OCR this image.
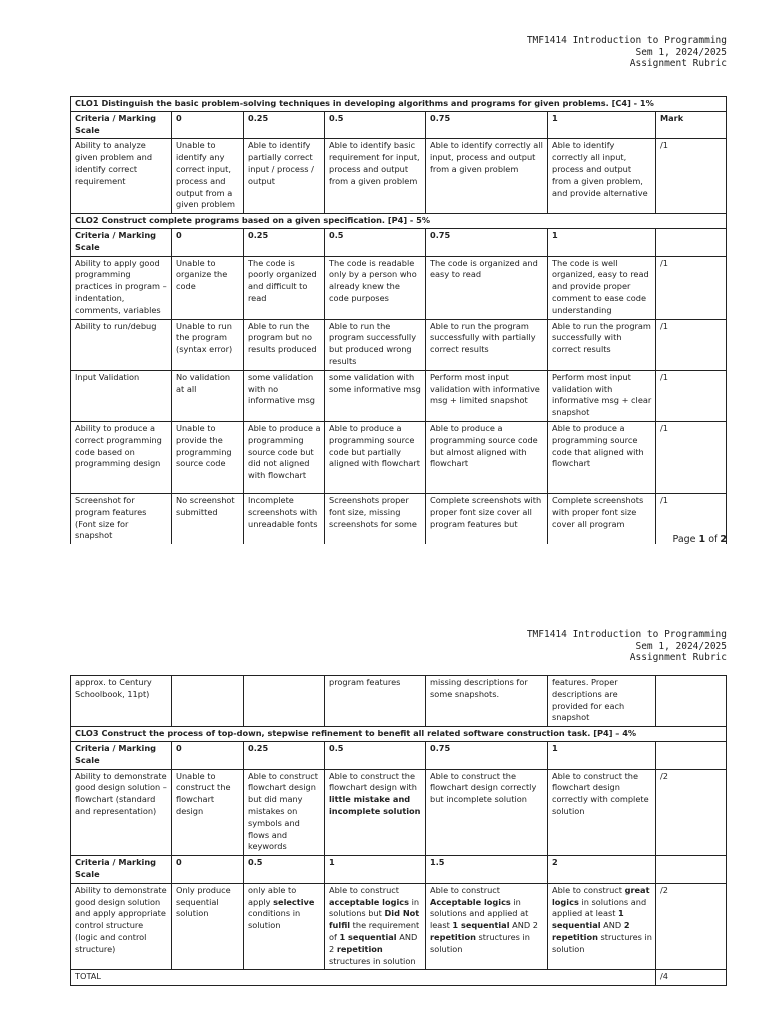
TMF1414 Introduction to Programming
Sem 1, 2024/2025
Assignment Rubric
CLO1 Distinguish the basic problem-solving techniques in developing algorithms and programs for given problems. [C4] - 1%						
Criteria / Marking Scale	0	0.25	0.5	0.75	1	Mark
Ability to analyze given problem and identify correct requirement	Unable to identify any correct input, process and output from a given problem	Able to identify partially correct input / process / output	Able to identify basic requirement for input, process and output from a given problem	Able to identify correctly all input, process and output from a given problem	Able to identify correctly all input, process and output from a given problem, and provide alternative	/1
CLO2 Construct complete programs based on a given specification. [P4] - 5%						
Criteria / Marking Scale	0	0.25	0.5	0.75	1	
Ability to apply good programming practices in program – indentation, comments, variables	Unable to organize the code	The code is poorly organized and difficult to read	The code is readable only by a person who already knew the code purposes	The code is organized and easy to read	The code is well organized, easy to read and provide proper comment to ease code understanding	/1
Ability to run/debug	Unable to run the program (syntax error)	Able to run the program but no results produced	Able to run the program successfully but produced wrong results	Able to run the program successfully with partially correct results	Able to run the program successfully with correct results	/1
Input Validation	No validation at all	some validation with no informative msg	some validation with some informative msg	Perform most input validation with informative msg + limited snapshot	Perform most input validation with informative msg + clear snapshot	/1
Ability to produce a correct programming code based on programming design	Unable to provide the programming source code	Able to produce a programming source code but did not aligned with flowchart	Able to produce a programming source code but partially aligned with flowchart	Able to produce a programming source code but almost aligned with flowchart	Able to produce a programming source code that aligned with flowchart	/1
Screenshot for program features (Font size for snapshot	No screenshot submitted	Incomplete screenshots with unreadable fonts	Screenshots proper font size, missing screenshots for some	Complete screenshots with proper font size cover all program features but	Complete screenshots with proper font size cover all program	/1
Page 1 of 2
TMF1414 Introduction to Programming
Sem 1, 2024/2025
Assignment Rubric
approx. to Century Schoolbook, 11pt)			program features	missing descriptions for some snapshots.	features. Proper descriptions are provided for each snapshot	
CLO3 Construct the process of top-down, stepwise refinement to benefit all related software construction task. [P4] – 4%						
Criteria / Marking Scale	0	0.25	0.5	0.75	1	
Ability to demonstrate good design solution – flowchart (standard and representation)	Unable to construct the flowchart design	Able to construct flowchart design but did many mistakes on symbols and flows and keywords	Able to construct the flowchart design with little mistake and incomplete solution	Able to construct the flowchart design correctly but incomplete solution	Able to construct the flowchart design correctly with complete solution	/2
Criteria / Marking Scale	0	0.5	1	1.5	2	
Ability to demonstrate good design solution and apply appropriate control structure (logic and control structure)	Only produce sequential solution	only able to apply selective conditions in solution	Able to construct acceptable logics in solutions but Did Not fulfil the requirement of 1 sequential AND 2 repetition structures in solution	Able to construct Acceptable logics in solutions and applied at least 1 sequential AND 2 repetition structures in solution	Able to construct great logics in solutions and applied at least 1 sequential AND 2 repetition structures in solution	/2
TOTAL						/4
